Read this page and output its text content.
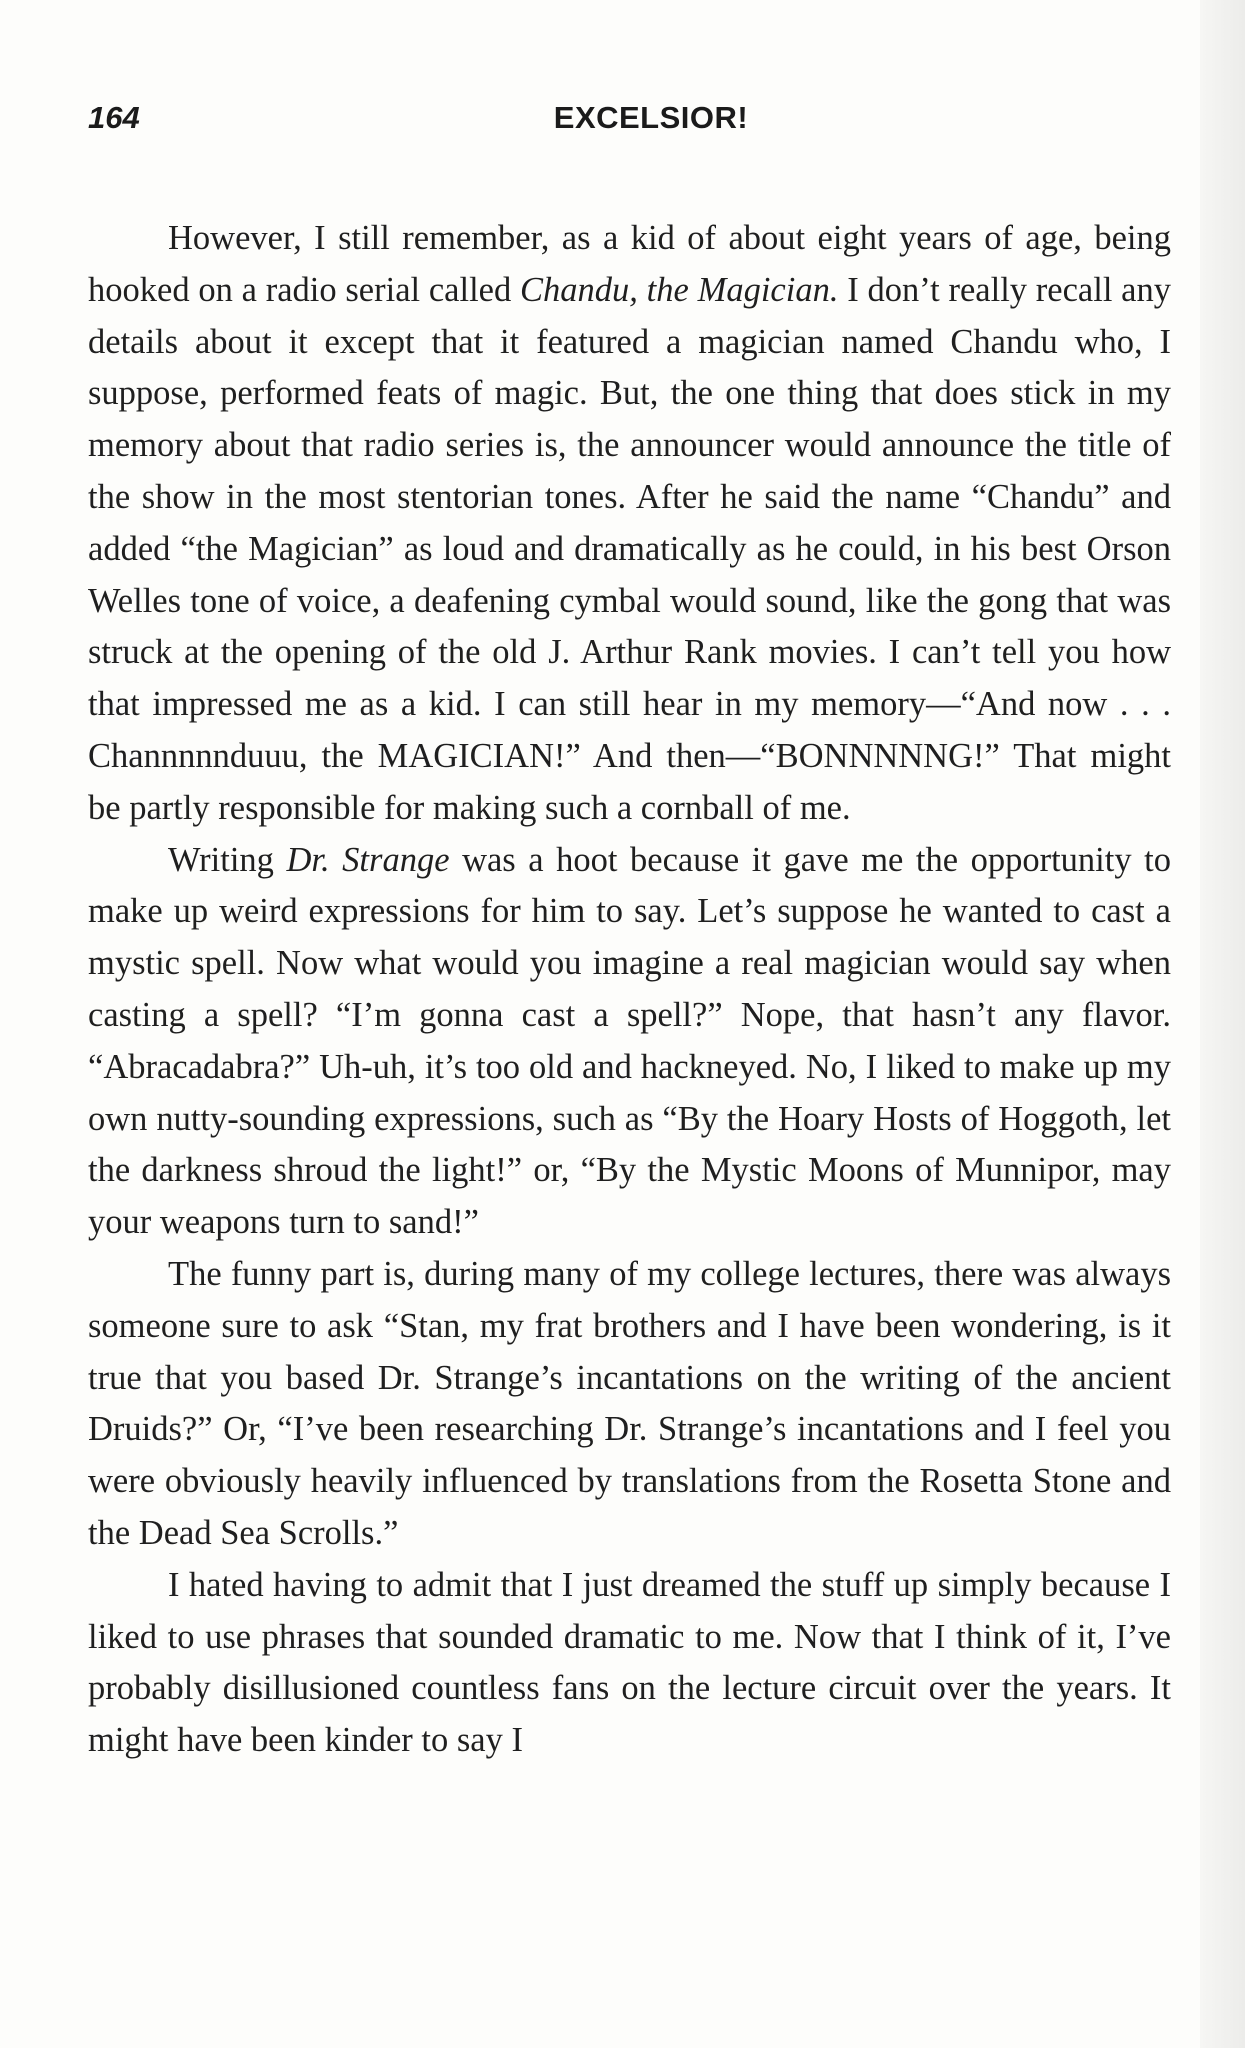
164	EXCELSIOR!

However, I still remember, as a kid of about eight years of age, being hooked on a radio serial called Chandu, the Magician. I don’t really recall any details about it except that it featured a magician named Chandu who, I suppose, performed feats of magic. But, the one thing that does stick in my memory about that radio series is, the announcer would announce the title of the show in the most stentorian tones. After he said the name “Chandu” and added “the Magician” as loud and dramatically as he could, in his best Orson Welles tone of voice, a deafening cymbal would sound, like the gong that was struck at the opening of the old J. Arthur Rank movies. I can’t tell you how that impressed me as a kid. I can still hear in my memory—“And now . . . Channnnnduuu, the MAGICIAN!” And then—“BONNNNNG!” That might be partly responsible for making such a cornball of me.

Writing Dr. Strange was a hoot because it gave me the opportunity to make up weird expressions for him to say. Let’s suppose he wanted to cast a mystic spell. Now what would you imagine a real magician would say when casting a spell? “I’m gonna cast a spell?” Nope, that hasn’t any flavor. “Abracadabra?” Uh-uh, it’s too old and hackneyed. No, I liked to make up my own nutty-sounding expressions, such as “By the Hoary Hosts of Hoggoth, let the darkness shroud the light!” or, “By the Mystic Moons of Munnipor, may your weapons turn to sand!”

The funny part is, during many of my college lectures, there was always someone sure to ask “Stan, my frat brothers and I have been wondering, is it true that you based Dr. Strange’s incantations on the writing of the ancient Druids?” Or, “I’ve been researching Dr. Strange’s incantations and I feel you were obviously heavily influenced by translations from the Rosetta Stone and the Dead Sea Scrolls.”

I hated having to admit that I just dreamed the stuff up simply because I liked to use phrases that sounded dramatic to me. Now that I think of it, I’ve probably disillusioned countless fans on the lecture circuit over the years. It might have been kinder to say I
